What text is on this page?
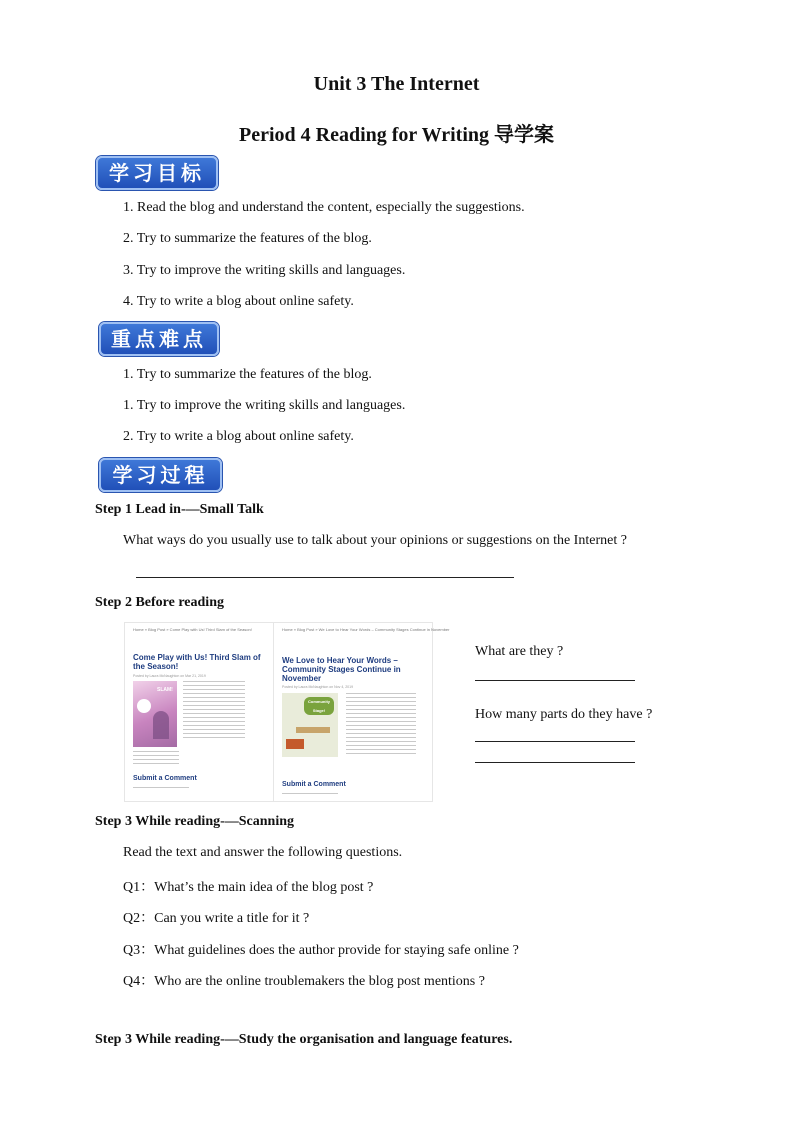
Unit 3 The Internet
Period 4 Reading for Writing 导学案
学习目标
1. Read the blog and understand the content, especially the suggestions.
2. Try to summarize the features of the blog.
3. Try to improve the writing skills and languages.
4. Try to write a blog about online safety.
重点难点
1. Try to summarize the features of the blog.
1. Try to improve the writing skills and languages.
2. Try to write a blog about online safety.
学习过程
Step 1 Lead in-—Small Talk
What ways do you usually use to talk about your opinions or suggestions on the Internet ?
Step 2 Before reading
Home » Blog Post » Come Play with Us! Third Slam of the Season!
Come Play with Us! Third Slam of the Season!
Posted by Laura McNaughton on Mar 21, 2019
SLAM!
Submit a Comment
Home » Blog Post » We Love to Hear Your Words – Community Stages Continue in November
We Love to Hear Your Words – Community Stages Continue in November
Posted by Laura McNaughton on Nov 4, 2019
Community Stage!
Submit a Comment
What are they ?
How many parts do they have ?
Step 3 While reading-—Scanning
Read the text and answer the following questions.
Q1：What’s the main idea of the blog post ?
Q2：Can you write a title for it ?
Q3：What guidelines does the author provide for staying safe online ?
Q4：Who are the online troublemakers the blog post mentions ?
Step 3 While reading-—Study the organisation and language features.
